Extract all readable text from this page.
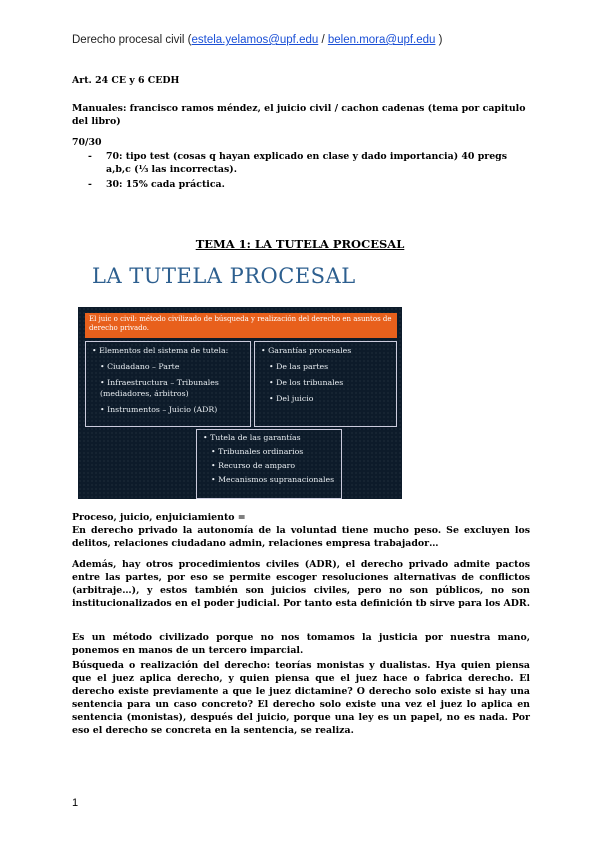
Derecho procesal civil (estela.yelamos@upf.edu / belen.mora@upf.edu )
Art. 24 CE y 6 CEDH
Manuales: francisco ramos méndez, el juicio civil / cachon cadenas (tema por capitulo del libro)
70/30
- 70: tipo test (cosas q hayan explicado en clase y dado importancia) 40 pregs a,b,c (⅓ las incorrectas).
- 30: 15% cada práctica.
TEMA 1: LA TUTELA PROCESAL
LA TUTELA PROCESAL
El juic o civil: método civilizado de búsqueda y realización del derecho en asuntos de derecho privado.
• Elementos del sistema de tutela:
• Ciudadano – Parte
• Infraestructura – Tribunales (mediadores, árbitros)
• Instrumentos – Juicio (ADR)
• Garantías procesales
• De las partes
• De los tribunales
• Del juicio
• Tutela de las garantías
• Tribunales ordinarios
• Recurso de amparo
• Mecanismos supranacionales
Proceso, juicio, enjuiciamiento =
En derecho privado la autonomía de la voluntad tiene mucho peso. Se excluyen los delitos, relaciones ciudadano admin, relaciones empresa trabajador…
Además, hay otros procedimientos civiles (ADR), el derecho privado admite pactos entre las partes, por eso se permite escoger resoluciones alternativas de conflictos (arbitraje…), y estos también son juicios civiles, pero no son públicos, no son institucionalizados en el poder judicial. Por tanto esta definición tb sirve para los ADR.
Es un método civilizado porque no nos tomamos la justicia por nuestra mano, ponemos en manos de un tercero imparcial.
Búsqueda o realización del derecho: teorías monistas y dualistas. Hya quien piensa que el juez aplica derecho, y quien piensa que el juez hace o fabrica derecho. El derecho existe previamente a que le juez dictamine? O derecho solo existe si hay una sentencia para un caso concreto? El derecho solo existe una vez el juez lo aplica en sentencia (monistas), después del juicio, porque una ley es un papel, no es nada. Por eso el derecho se concreta en la sentencia, se realiza.
1
